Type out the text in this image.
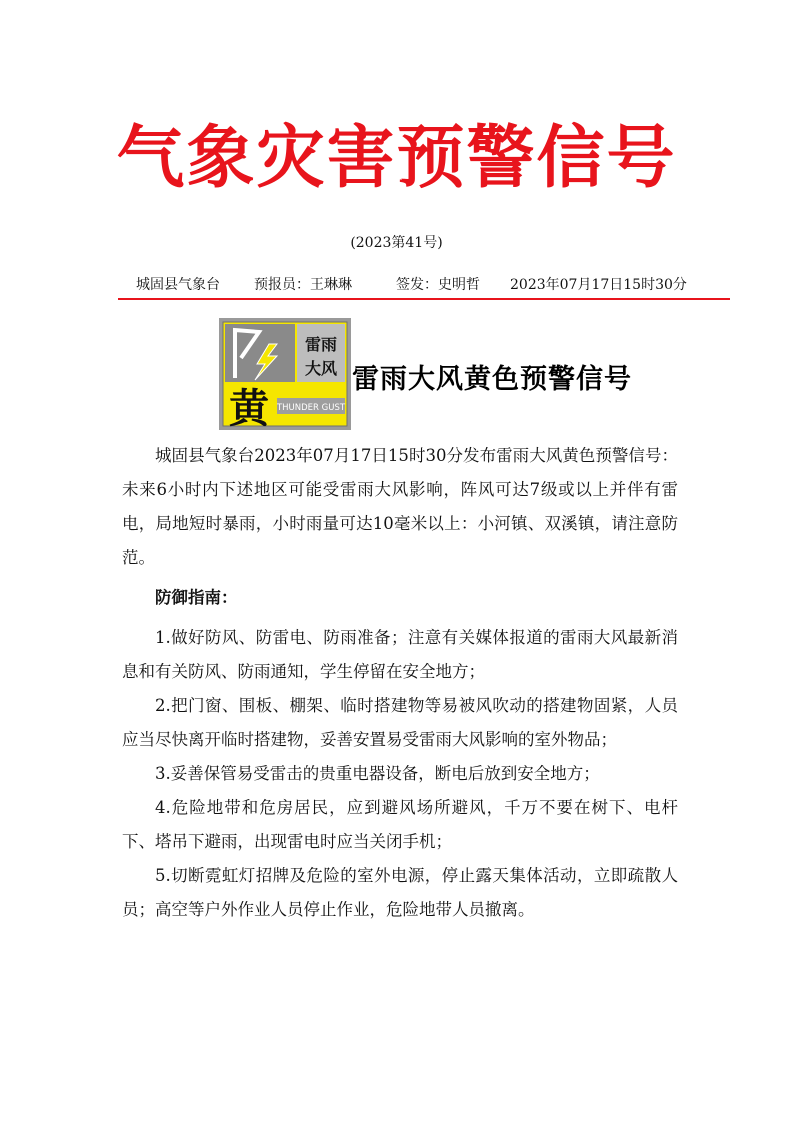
气象灾害预警信号
(2023第41号)
城固县气象台 预报员：王琳琳	签发：史明哲 2023年07月17日15时30分
雷雨
大风
黄 THUNDER GUST
雷雨大风黄色预警信号

城固县气象台2023年07月17日15时30分发布雷雨大风黄色预警信号：未来6小时内下述地区可能受雷雨大风影响，阵风可达7级或以上并伴有雷电，局地短时暴雨，小时雨量可达10毫米以上：小河镇、双溪镇，请注意防范。

防御指南：

1.做好防风、防雷电、防雨准备；注意有关媒体报道的雷雨大风最新消息和有关防风、防雨通知，学生停留在安全地方；

2.把门窗、围板、棚架、临时搭建物等易被风吹动的搭建物固紧，人员应当尽快离开临时搭建物，妥善安置易受雷雨大风影响的室外物品；

3.妥善保管易受雷击的贵重电器设备，断电后放到安全地方；

4.危险地带和危房居民，应到避风场所避风，千万不要在树下、电杆下、塔吊下避雨，出现雷电时应当关闭手机；

5.切断霓虹灯招牌及危险的室外电源，停止露天集体活动，立即疏散人员；高空等户外作业人员停止作业，危险地带人员撤离。
